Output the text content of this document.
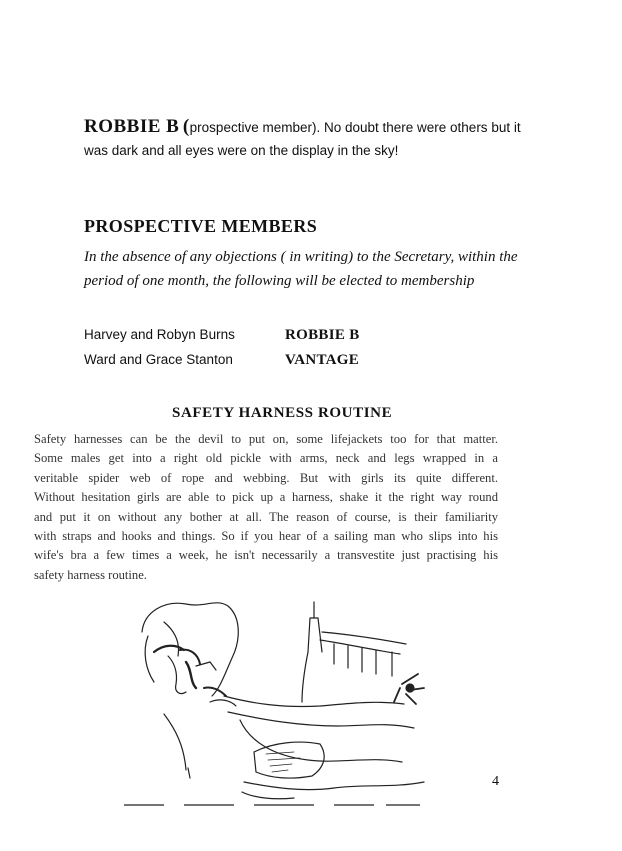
ROBBIE B (prospective member). No doubt there were others but it
was dark and all eyes were on the display in the sky!
PROSPECTIVE MEMBERS
In the absence of any objections ( in writing) to the Secretary, within the
period of one month, the following will be elected to membership
Harvey and Robyn Burns	ROBBIE B
Ward and Grace Stanton	VANTAGE
SAFETY HARNESS ROUTINE
Safety harnesses can be the devil to put on, some lifejackets too for that matter.
Some males get into a right old pickle with arms, neck and legs wrapped in a
veritable spider web of rope and webbing. But with girls its quite different.
Without hesitation girls are able to pick up a harness, shake it the right way round
and put it on without any bother at all. The reason of course, is their familiarity
with straps and hooks and things. So if you hear of a sailing man who slips into his
wife's bra a few times a week, he isn't necessarily a transvestite just practising his
safety harness routine.
4
